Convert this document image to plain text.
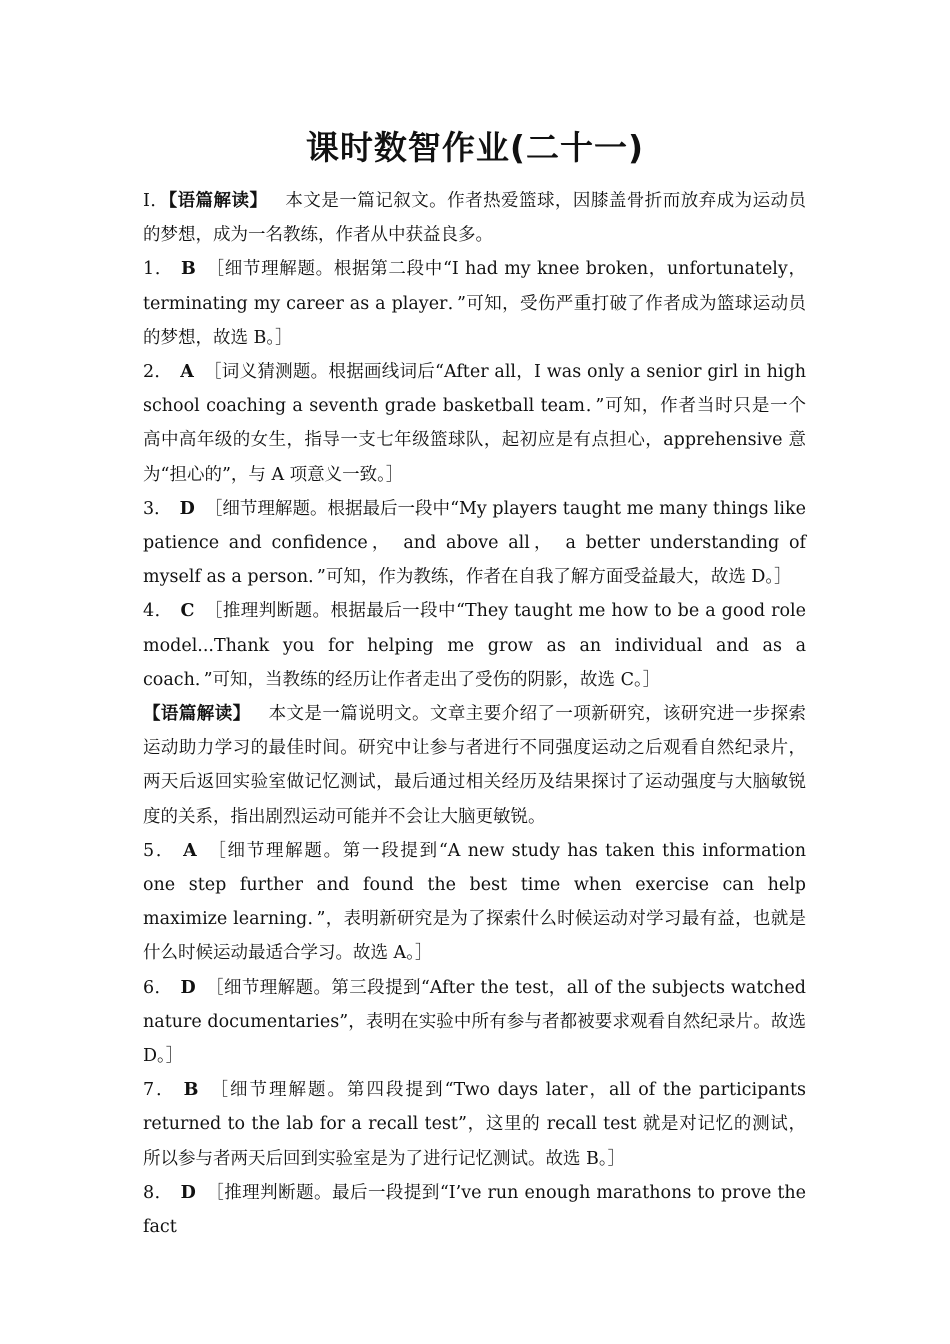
课时数智作业(二十一)

Ⅰ．【语篇解读】 本文是一篇记叙文。作者热爱篮球，因膝盖骨折而放弃成为运动员的梦想，成为一名教练，作者从中获益良多。

1． B ［细节理解题。根据第二段中“I had my knee broken，unfortunately，terminating my career as a player．”可知，受伤严重打破了作者成为篮球运动员的梦想，故选 B。］

2． A ［词义猜测题。根据画线词后“After all，I was only a senior girl in high school coaching a seventh grade basketball team．”可知，作者当时只是一个高中高年级的女生，指导一支七年级篮球队，起初应是有点担心，apprehensive 意为“担心的”，与 A 项意义一致。］

3． D ［细节理解题。根据最后一段中“My players taught me many things like patience and confidence， and above all， a better understanding of myself as a person．”可知，作为教练，作者在自我了解方面受益最大，故选 D。］

4． C ［推理判断题。根据最后一段中“They taught me how to be a good role model...Thank you for helping me grow as an individual and as a coach．”可知，当教练的经历让作者走出了受伤的阴影，故选 C。］

【语篇解读】 本文是一篇说明文。文章主要介绍了一项新研究，该研究进一步探索运动助力学习的最佳时间。研究中让参与者进行不同强度运动之后观看自然纪录片，两天后返回实验室做记忆测试，最后通过相关经历及结果探讨了运动强度与大脑敏锐度的关系，指出剧烈运动可能并不会让大脑更敏锐。

5． A ［细节理解题。第一段提到“A new study has taken this information one step further and found the best time when exercise can help maximize learning．”，表明新研究是为了探索什么时候运动对学习最有益，也就是什么时候运动最适合学习。故选 A。］

6． D ［细节理解题。第三段提到“After the test，all of the subjects watched nature documentaries”，表明在实验中所有参与者都被要求观看自然纪录片。故选 D。］

7． B ［细节理解题。第四段提到“Two days later，all of the participants returned to the lab for a recall test”，这里的 recall test 就是对记忆的测试，所以参与者两天后回到实验室是为了进行记忆测试。故选 B。］

8． D ［推理判断题。最后一段提到“I’ve run enough marathons to prove the fact
